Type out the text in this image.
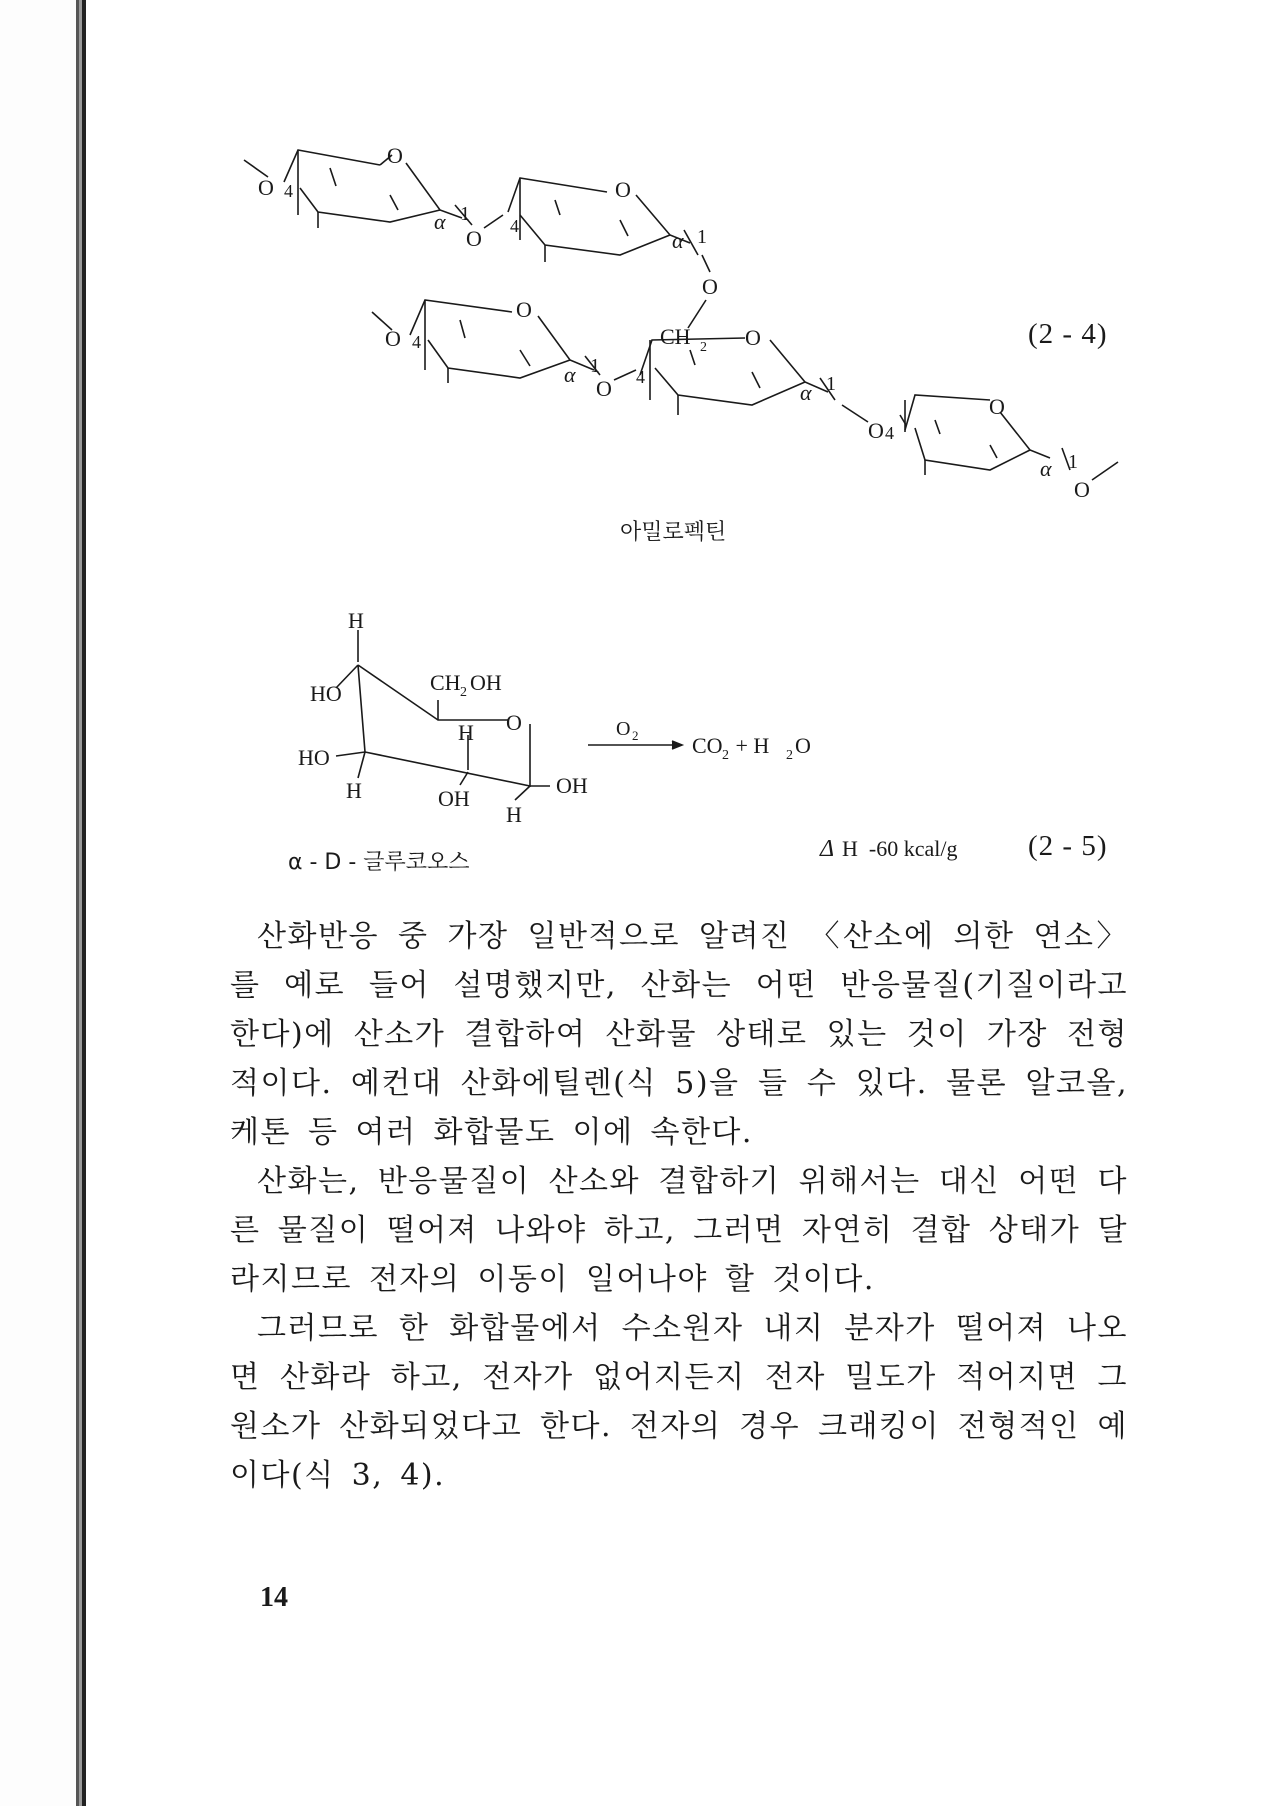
O 4
O
α 1
O 4
O
α 1
O
O 4
O
α 1
O
CH 2
4
O
α 1
O 4
O
α 1
O
(2 - 4)
아밀로펙틴
H
HO	CH 2 OH
O
H
HO
H	OH
OH
H
O 2 CO 2 + H 2 O
Δ H  -60 kcal/g
α - D - 글루코오스
(2 - 5)

산화반응 중 가장 일반적으로 알려진 〈산소에 의한 연소〉를 예로 들어 설명했지만, 산화는 어떤 반응물질(기질이라고 한다)에 산소가 결합하여 산화물 상태로 있는 것이 가장 전형적이다. 예컨대 산화에틸렌(식 5)을 들 수 있다. 물론 알코올, 케톤 등 여러 화합물도 이에 속한다.

산화는, 반응물질이 산소와 결합하기 위해서는 대신 어떤 다른 물질이 떨어져 나와야 하고, 그러면 자연히 결합 상태가 달라지므로 전자의 이동이 일어나야 할 것이다.

그러므로 한 화합물에서 수소원자 내지 분자가 떨어져 나오면 산화라 하고, 전자가 없어지든지 전자 밀도가 적어지면 그 원소가 산화되었다고 한다. 전자의 경우 크래킹이 전형적인 예이다(식 3, 4).

14
